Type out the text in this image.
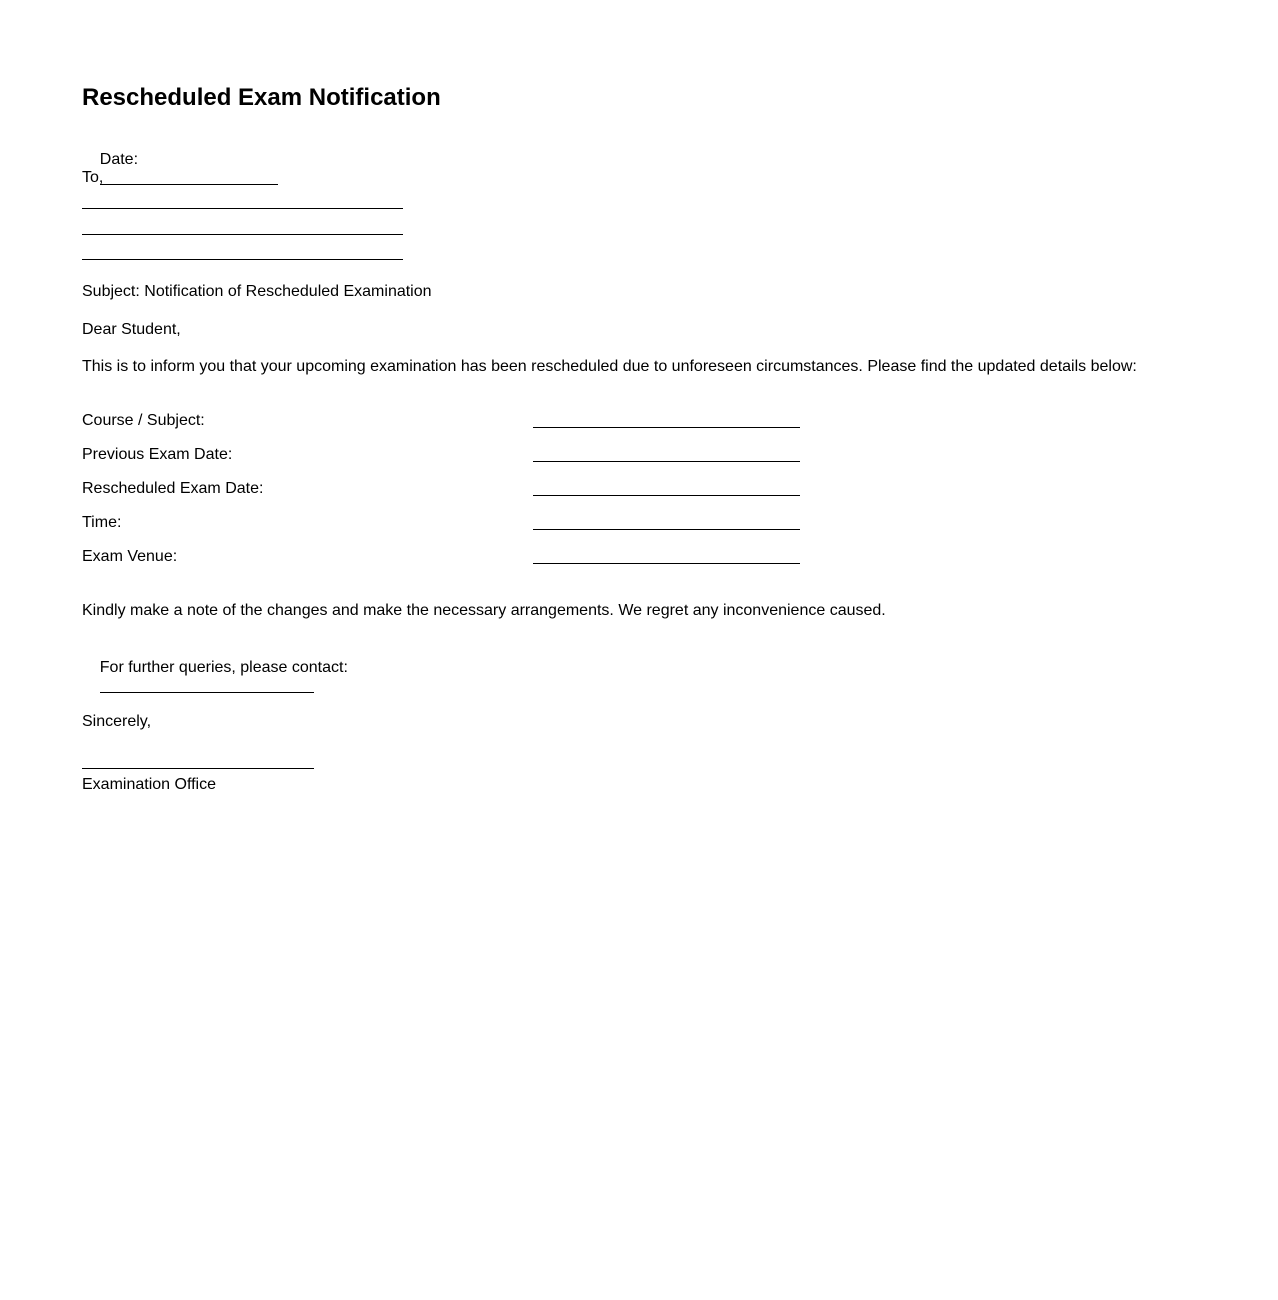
Rescheduled Exam Notification

Date:

To,
Subject: Notification of Rescheduled Examination
Dear Student,
This is to inform you that your upcoming examination has been rescheduled due to unforeseen circumstances. Please find the updated details below:
Course / Subject:
Previous Exam Date:
Rescheduled Exam Date:
Time:
Exam Venue:
Kindly make a note of the changes and make the necessary arrangements. We regret any inconvenience caused.

For further queries, please contact:

Sincerely,
Examination Office
